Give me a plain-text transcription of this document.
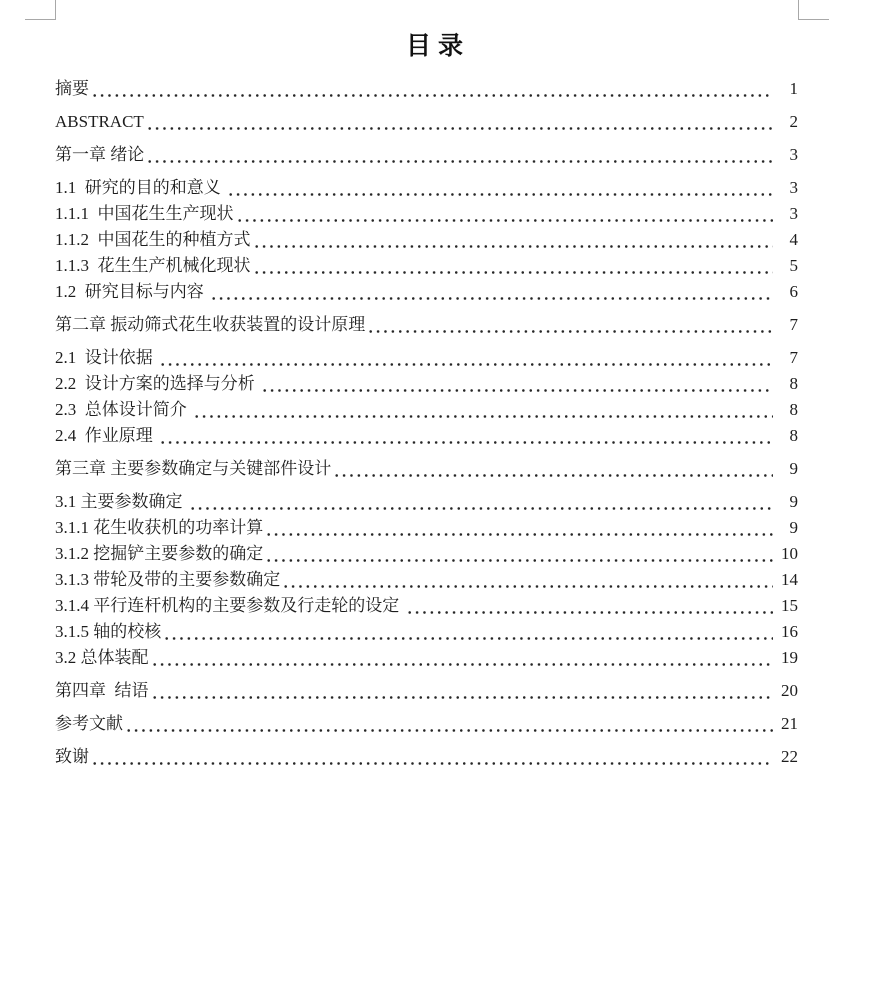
目录
摘要	1
ABSTRACT	2
第一章 绪论	3
1.1  研究的目的和意义	3
1.1.1  中国花生生产现状	3
1.1.2  中国花生的种植方式	4
1.1.3  花生生产机械化现状	5
1.2  研究目标与内容	6
第二章 振动筛式花生收获装置的设计原理	7
2.1  设计依据	7
2.2  设计方案的选择与分析	8
2.3  总体设计简介	8
2.4  作业原理	8
第三章 主要参数确定与关键部件设计	9
3.1 主要参数确定	9
3.1.1 花生收获机的功率计算	9
3.1.2 挖掘铲主要参数的确定	10
3.1.3 带轮及带的主要参数确定	14
3.1.4 平行连杆机构的主要参数及行走轮的设定	15
3.1.5 轴的校核	16
3.2 总体装配	19
第四章  结语	20
参考文献	21
致谢	22
